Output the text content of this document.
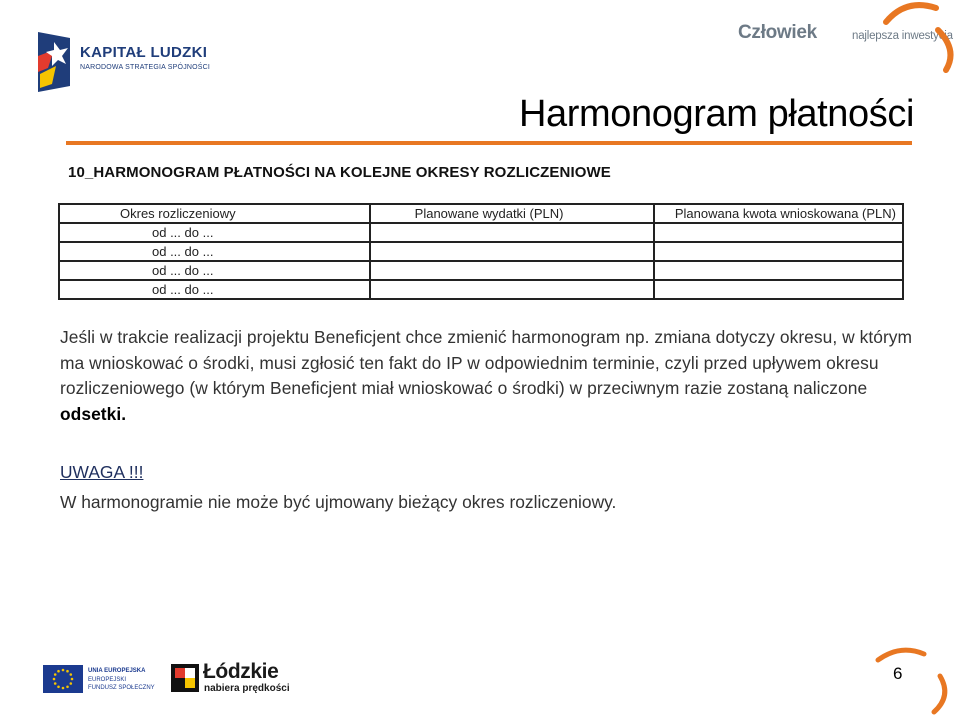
KAPITAŁ LUDZKI
NARODOWA STRATEGIA SPÓJNOŚCI
Człowiek	najlepsza inwestycja
Harmonogram płatności
10_HARMONOGRAM PŁATNOŚCI NA KOLEJNE OKRESY ROZLICZENIOWE
Okres rozliczeniowy	Planowane wydatki (PLN)	Planowana kwota wnioskowana (PLN)
od ... do ...		
od ... do ...		
od ... do ...		
od ... do ...		
Jeśli w trakcie realizacji projektu Beneficjent chce zmienić harmonogram np. zmiana dotyczy okresu, w którym ma wnioskować o środki, musi zgłosić ten fakt do IP w odpowiednim terminie, czyli przed upływem okresu rozliczeniowego (w którym Beneficjent miał wnioskować o środki) w przeciwnym razie zostaną naliczone odsetki.
UWAGA !!!
W harmonogramie nie może być ujmowany bieżący okres rozliczeniowy.
UNIA EUROPEJSKA
EUROPEJSKI
FUNDUSZ SPOŁECZNY
Łódzkie
nabiera prędkości
6
